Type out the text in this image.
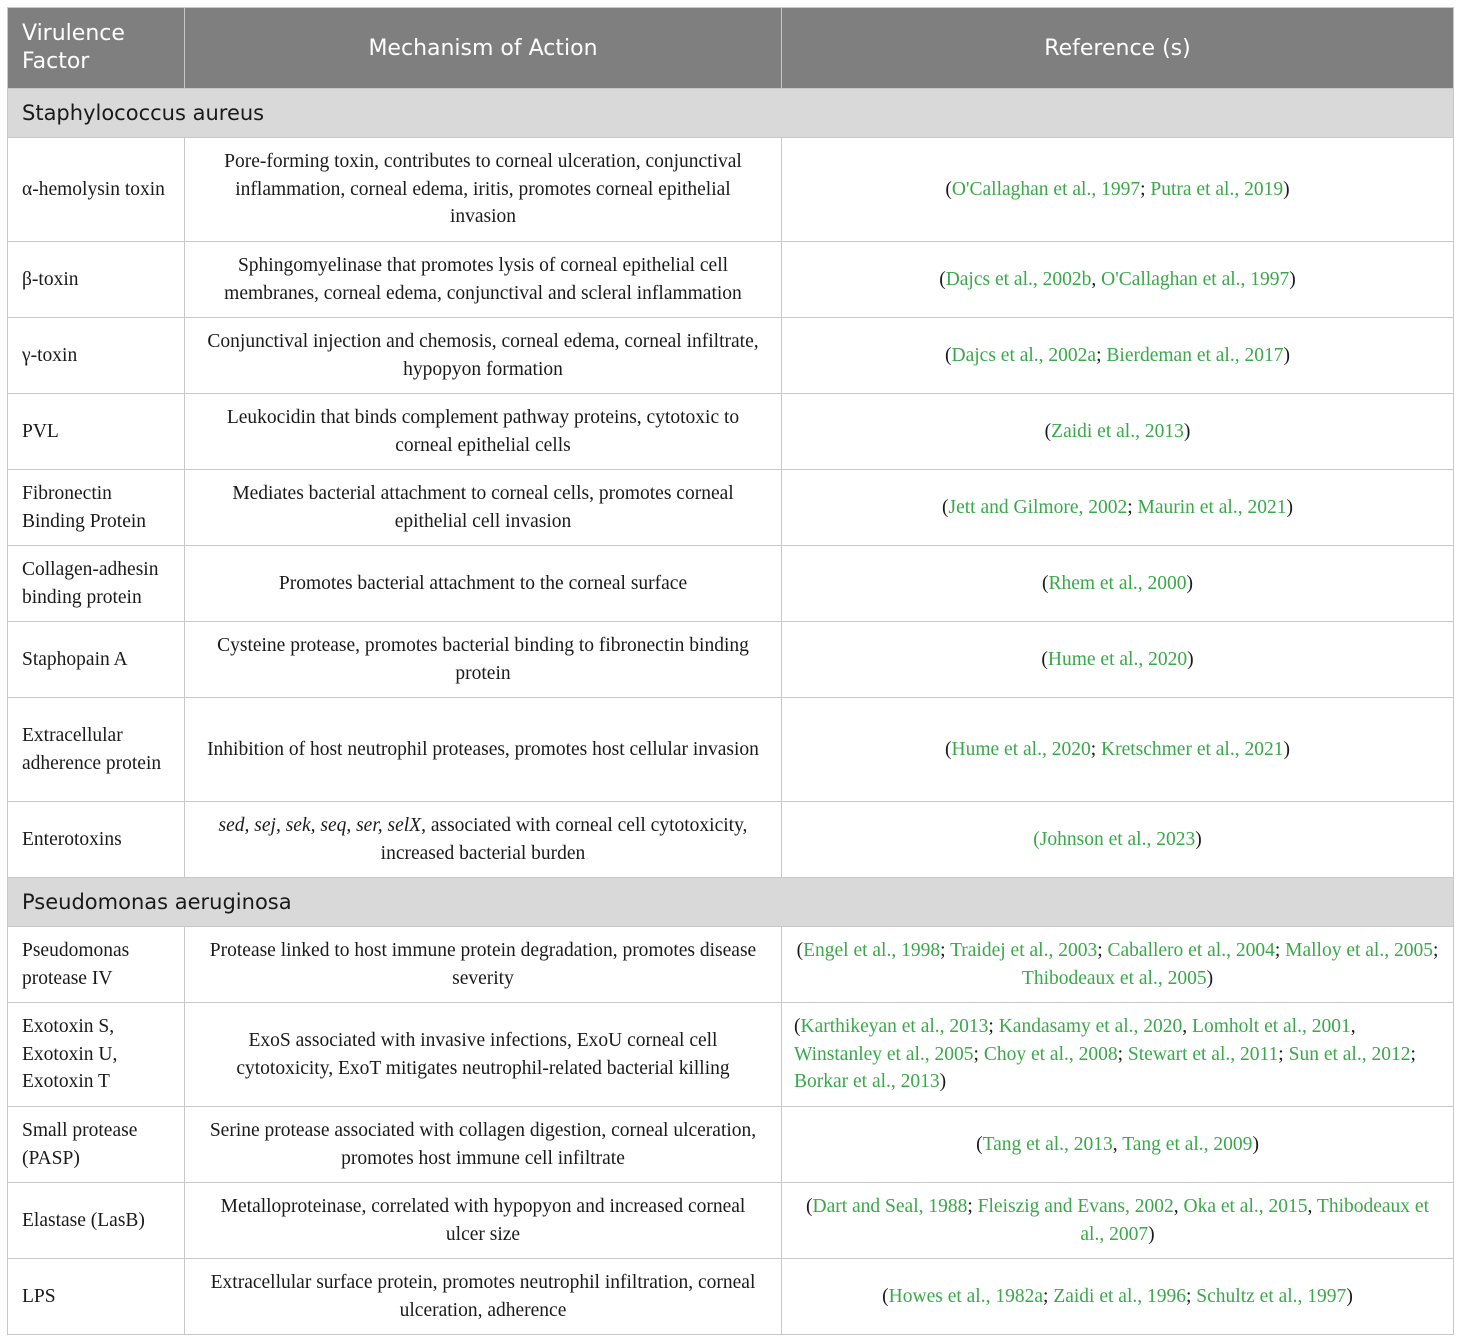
Virulence Factor	Mechanism of Action	Reference (s)
Staphylococcus aureus		
α-hemolysin toxin	Pore-forming toxin, contributes to corneal ulceration, conjunctival inflammation, corneal edema, iritis, promotes corneal epithelial invasion	(O'Callaghan et al., 1997; Putra et al., 2019)
β-toxin	Sphingomyelinase that promotes lysis of corneal epithelial cell membranes, corneal edema, conjunctival and scleral inflammation	(Dajcs et al., 2002b, O'Callaghan et al., 1997)
γ-toxin	Conjunctival injection and chemosis, corneal edema, corneal infiltrate, hypopyon formation	(Dajcs et al., 2002a; Bierdeman et al., 2017)
PVL	Leukocidin that binds complement pathway proteins, cytotoxic to corneal epithelial cells	(Zaidi et al., 2013)
Fibronectin Binding Protein	Mediates bacterial attachment to corneal cells, promotes corneal epithelial cell invasion	(Jett and Gilmore, 2002; Maurin et al., 2021)
Collagen-adhesin binding protein	Promotes bacterial attachment to the corneal surface	(Rhem et al., 2000)
Staphopain A	Cysteine protease, promotes bacterial binding to fibronectin binding protein	(Hume et al., 2020)
Extracellular adherence protein	Inhibition of host neutrophil proteases, promotes host cellular invasion	(Hume et al., 2020; Kretschmer et al., 2021)
Enterotoxins	sed, sej, sek, seq, ser, selX, associated with corneal cell cytotoxicity, increased bacterial burden	(Johnson et al., 2023)
Pseudomonas aeruginosa		
Pseudomonas protease IV	Protease linked to host immune protein degradation, promotes disease severity	(Engel et al., 1998; Traidej et al., 2003; Caballero et al., 2004; Malloy et al., 2005; Thibodeaux et al., 2005)
Exotoxin S, Exotoxin U, Exotoxin T	ExoS associated with invasive infections, ExoU corneal cell cytotoxicity, ExoT mitigates neutrophil-related bacterial killing	(Karthikeyan et al., 2013; Kandasamy et al., 2020, Lomholt et al., 2001, Winstanley et al., 2005; Choy et al., 2008; Stewart et al., 2011; Sun et al., 2012; Borkar et al., 2013)
Small protease (PASP)	Serine protease associated with collagen digestion, corneal ulceration, promotes host immune cell infiltrate	(Tang et al., 2013, Tang et al., 2009)
Elastase (LasB)	Metalloproteinase, correlated with hypopyon and increased corneal ulcer size	(Dart and Seal, 1988; Fleiszig and Evans, 2002, Oka et al., 2015, Thibodeaux et al., 2007)
LPS	Extracellular surface protein, promotes neutrophil infiltration, corneal ulceration, adherence	(Howes et al., 1982a; Zaidi et al., 1996; Schultz et al., 1997)
